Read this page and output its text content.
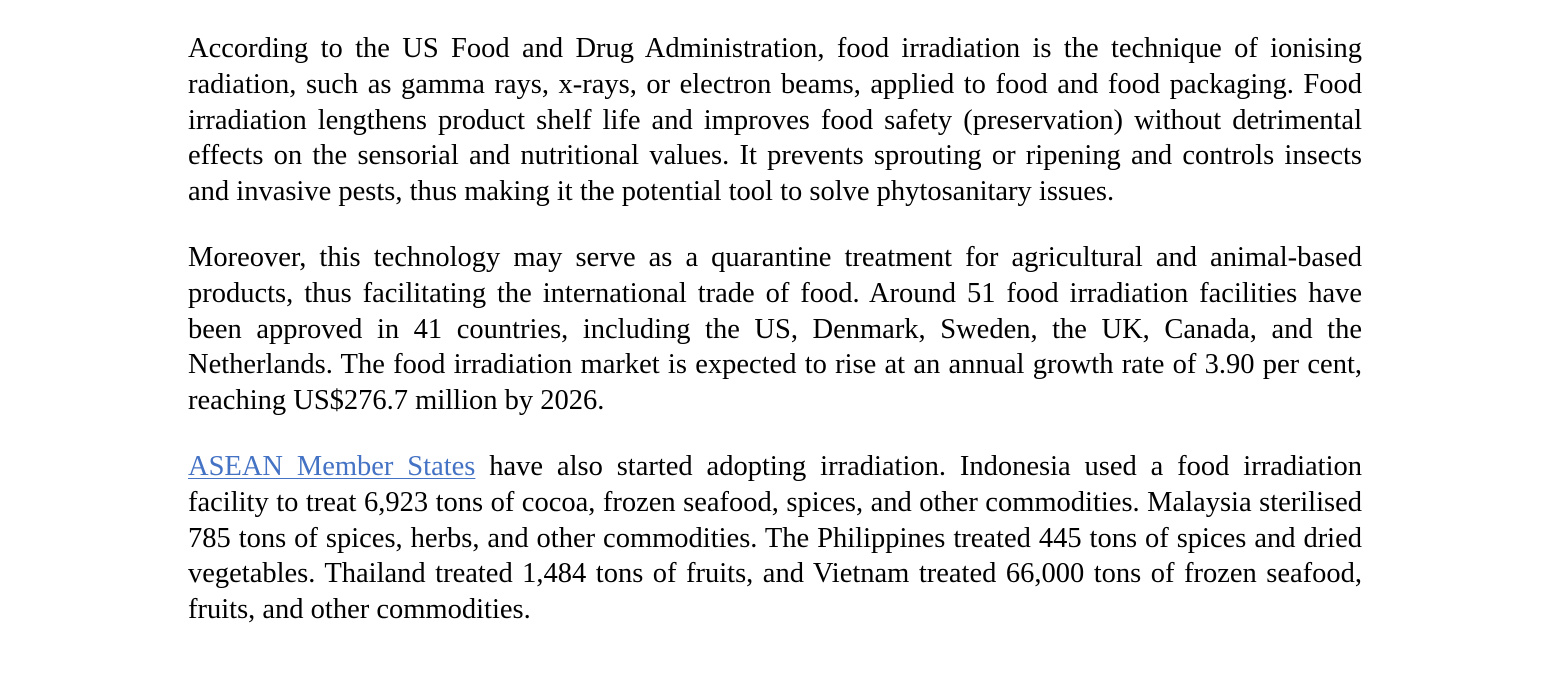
According to the US Food and Drug Administration, food irradiation is the technique of ionising radiation, such as gamma rays, x-rays, or electron beams, applied to food and food packaging. Food irradiation lengthens product shelf life and improves food safety (preservation) without detrimental effects on the sensorial and nutritional values. It prevents sprouting or ripening and controls insects and invasive pests, thus making it the potential tool to solve phytosanitary issues.

Moreover, this technology may serve as a quarantine treatment for agricultural and animal-based products, thus facilitating the international trade of food. Around 51 food irradiation facilities have been approved in 41 countries, including the US, Denmark, Sweden, the UK, Canada, and the Netherlands. The food irradiation market is expected to rise at an annual growth rate of 3.90 per cent, reaching US$276.7 million by 2026.

ASEAN Member States have also started adopting irradiation. Indonesia used a food irradiation facility to treat 6,923 tons of cocoa, frozen seafood, spices, and other commodities. Malaysia sterilised 785 tons of spices, herbs, and other commodities. The Philippines treated 445 tons of spices and dried vegetables. Thailand treated 1,484 tons of fruits, and Vietnam treated 66,000 tons of frozen seafood, fruits, and other commodities.
